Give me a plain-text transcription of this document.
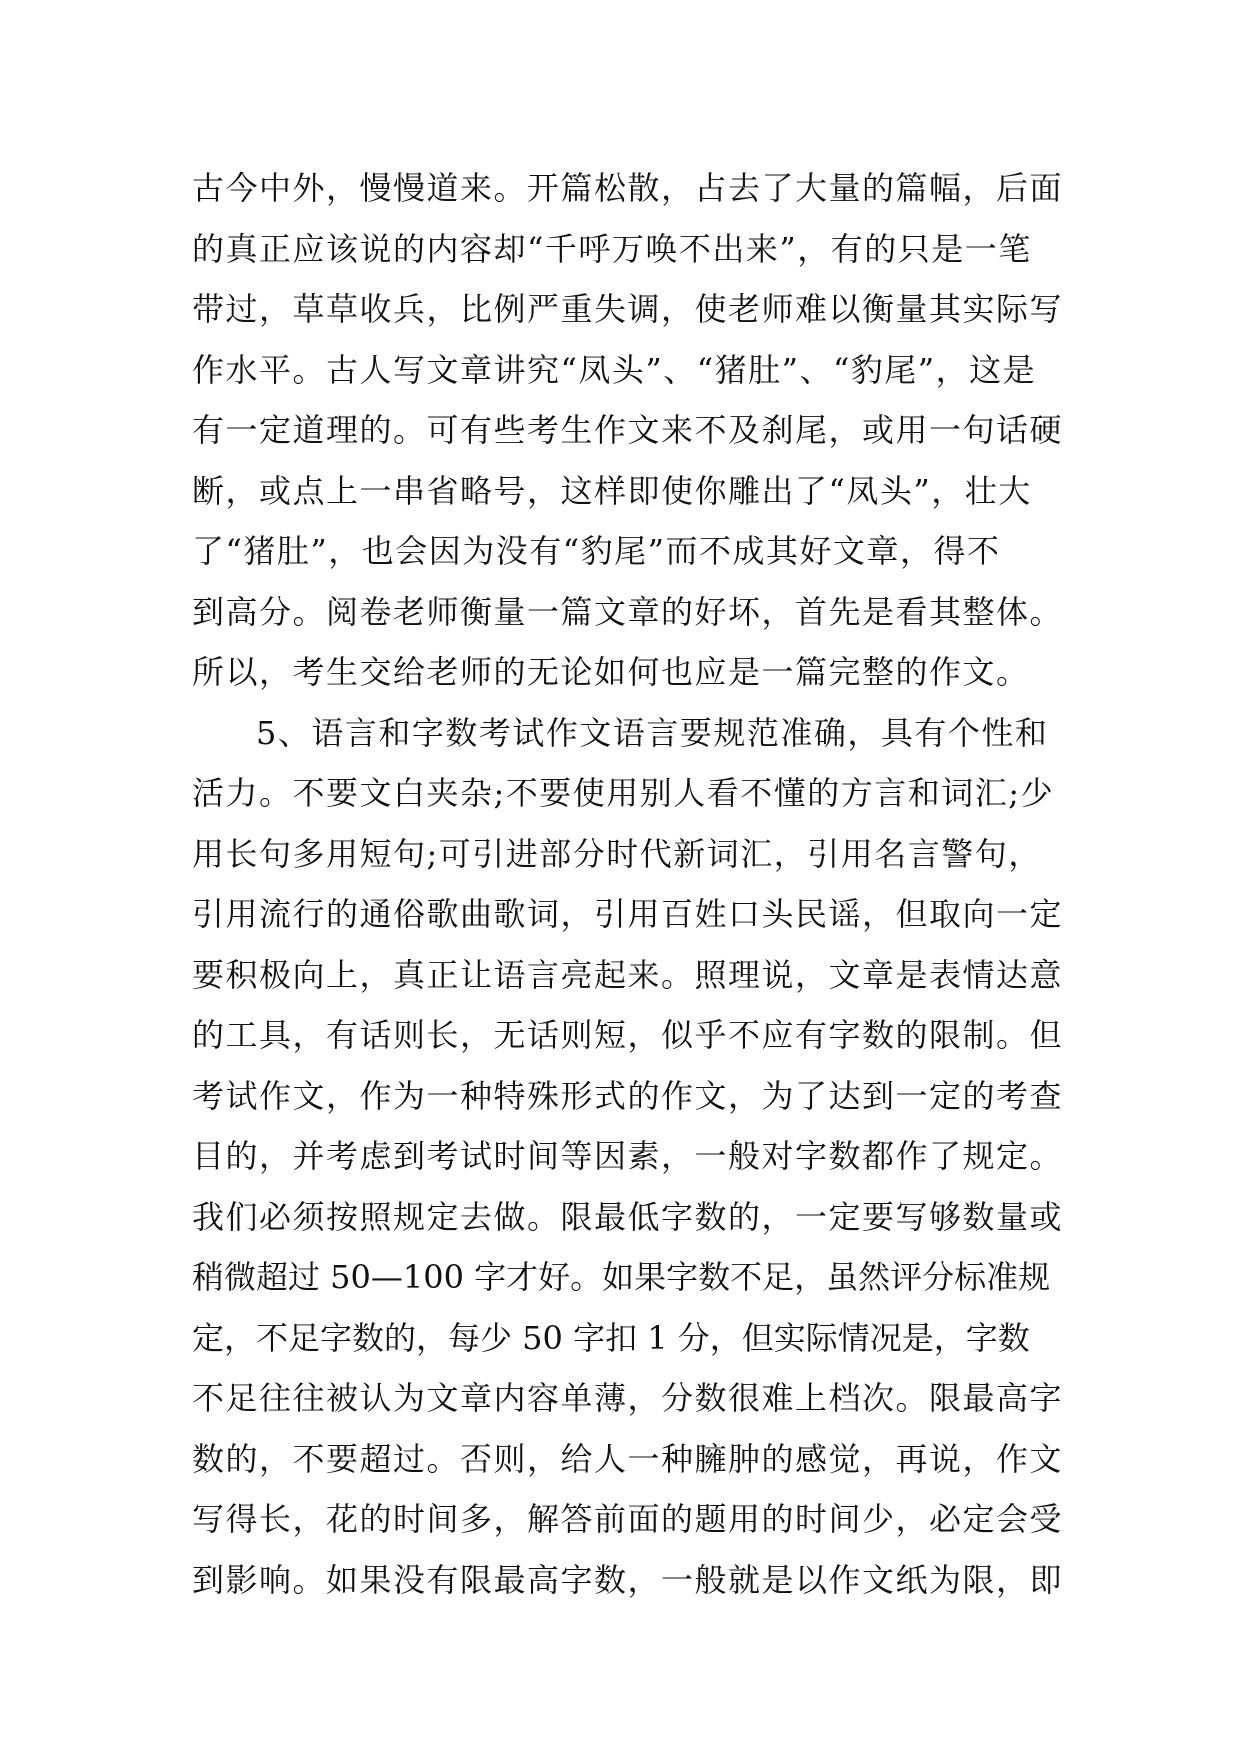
古今中外，慢慢道来。开篇松散，占去了大量的篇幅，后面
的真正应该说的内容却“千呼万唤不出来”，有的只是一笔
带过，草草收兵，比例严重失调，使老师难以衡量其实际写
作水平。古人写文章讲究“凤头”、“猪肚”、“豹尾”，这是
有一定道理的。可有些考生作文来不及刹尾，或用一句话硬
断，或点上一串省略号，这样即使你雕出了“凤头”，壮大
了“猪肚”，也会因为没有“豹尾”而不成其好文章，得不
到高分。阅卷老师衡量一篇文章的好坏，首先是看其整体。
所以，考生交给老师的无论如何也应是一篇完整的作文。
5、语言和字数考试作文语言要规范准确，具有个性和
活力。不要文白夹杂;不要使用别人看不懂的方言和词汇;少
用长句多用短句;可引进部分时代新词汇，引用名言警句，
引用流行的通俗歌曲歌词，引用百姓口头民谣，但取向一定
要积极向上，真正让语言亮起来。照理说，文章是表情达意
的工具，有话则长，无话则短，似乎不应有字数的限制。但
考试作文，作为一种特殊形式的作文，为了达到一定的考查
目的，并考虑到考试时间等因素，一般对字数都作了规定。
我们必须按照规定去做。限最低字数的，一定要写够数量或
稍微超过 50—100 字才好。如果字数不足，虽然评分标准规
定，不足字数的，每少 50 字扣 1 分，但实际情况是，字数
不足往往被认为文章内容单薄，分数很难上档次。限最高字
数的，不要超过。否则，给人一种臃肿的感觉，再说，作文
写得长，花的时间多，解答前面的题用的时间少，必定会受
到影响。如果没有限最高字数，一般就是以作文纸为限，即
